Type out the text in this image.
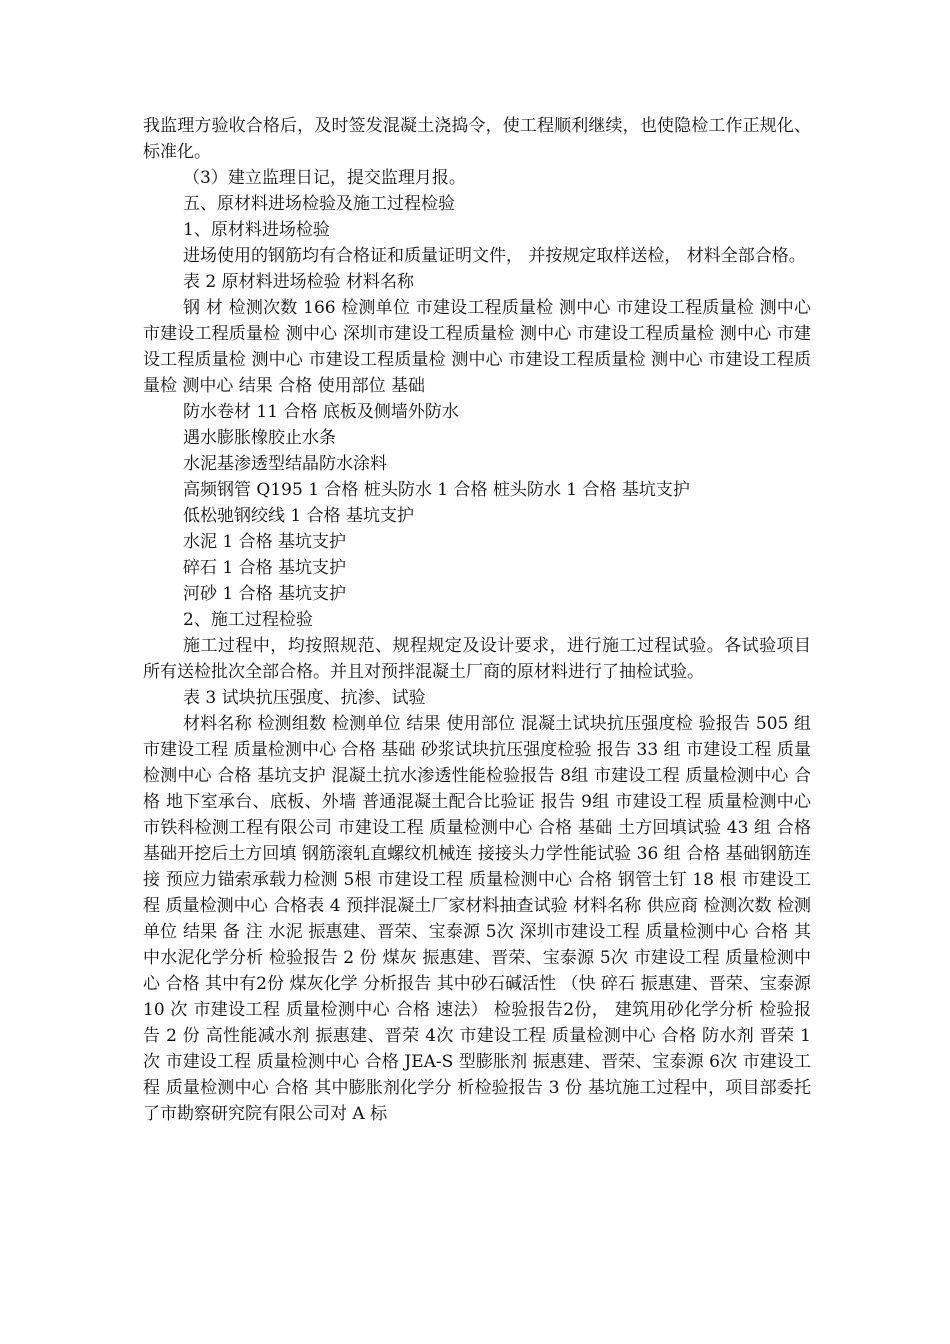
我监理方验收合格后，及时签发混凝土浇捣令，使工程顺利继续，也使隐检工作正规化、标准化。

（3）建立监理日记，提交监理月报。

五、原材料进场检验及施工过程检验

1、原材料进场检验

进场使用的钢筋均有合格证和质量证明文件， 并按规定取样送检， 材料全部合格。

表 2 原材料进场检验 材料名称

钢 材 检测次数 166 检测单位 市建设工程质量检 测中心 市建设工程质量检 测中心 市建设工程质量检 测中心 深圳市建设工程质量检 测中心 市建设工程质量检 测中心 市建设工程质量检 测中心 市建设工程质量检 测中心 市建设工程质量检 测中心 市建设工程质量检 测中心 结果 合格 使用部位 基础

防水卷材 11 合格 底板及侧墙外防水

遇水膨胀橡胶止水条

水泥基渗透型结晶防水涂料

高频钢管 Q195 1 合格 桩头防水 1 合格 桩头防水 1 合格 基坑支护

低松驰钢绞线 1 合格 基坑支护

水泥 1 合格 基坑支护

碎石 1 合格 基坑支护

河砂 1 合格 基坑支护

2、施工过程检验

施工过程中，均按照规范、规程规定及设计要求，进行施工过程试验。各试验项目所有送检批次全部合格。并且对预拌混凝土厂商的原材料进行了抽检试验。

表 3 试块抗压强度、抗渗、试验

材料名称 检测组数 检测单位 结果 使用部位 混凝土试块抗压强度检 验报告 505 组 市建设工程 质量检测中心 合格 基础 砂浆试块抗压强度检验 报告 33 组 市建设工程 质量检测中心 合格 基坑支护 混凝土抗水渗透性能检验报告 8组 市建设工程 质量检测中心 合格 地下室承台、底板、外墙 普通混凝土配合比验证 报告 9组 市建设工程 质量检测中心 市铁科检测工程有限公司 市建设工程 质量检测中心 合格 基础 土方回填试验 43 组 合格 基础开挖后土方回填 钢筋滚轧直螺纹机械连 接接头力学性能试验 36 组 合格 基础钢筋连接 预应力锚索承载力检测 5根 市建设工程 质量检测中心 合格 钢管土钉 18 根 市建设工程 质量检测中心 合格表 4 预拌混凝土厂家材料抽查试验 材料名称 供应商 检测次数 检测单位 结果 备 注 水泥 振惠建、晋荣、宝泰源 5次 深圳市建设工程 质量检测中心 合格 其中水泥化学分析 检验报告 2 份 煤灰 振惠建、晋荣、宝泰源 5次 市建设工程 质量检测中心 合格 其中有2份 煤灰化学 分析报告 其中砂石碱活性 （快 碎石 振惠建、晋荣、宝泰源 10 次 市建设工程 质量检测中心 合格 速法） 检验报告2份， 建筑用砂化学分析 检验报告 2 份 高性能减水剂 振惠建、晋荣 4次 市建设工程 质量检测中心 合格 防水剂 晋荣 1次 市建设工程 质量检测中心 合格 JEA-S 型膨胀剂 振惠建、晋荣、宝泰源 6次 市建设工程 质量检测中心 合格 其中膨胀剂化学分 析检验报告 3 份 基坑施工过程中，项目部委托了市勘察研究院有限公司对 A 标
